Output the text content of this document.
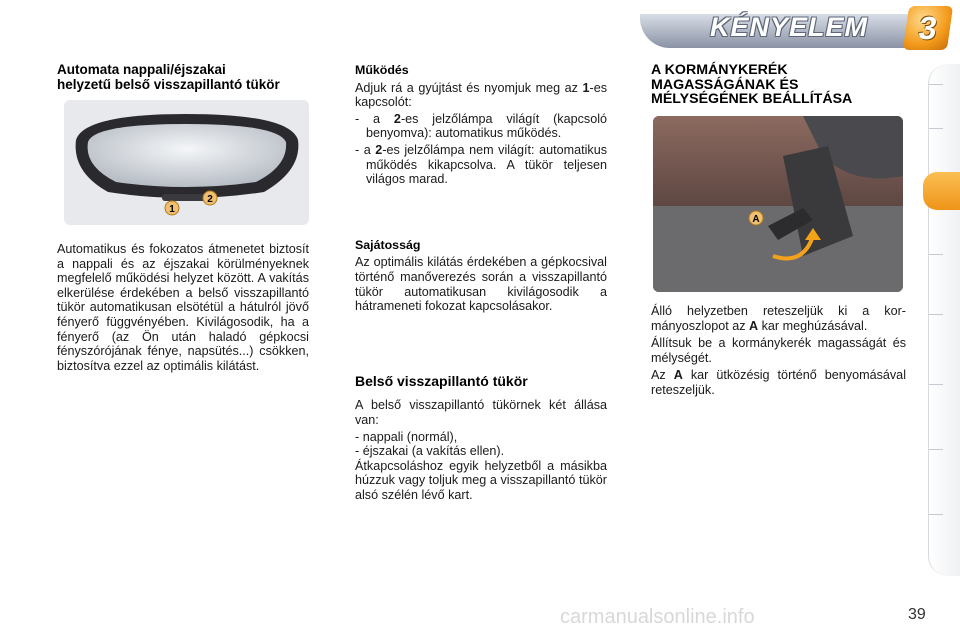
KÉNYELEM	3
Automata nappali/éjszakai
helyzetű belső visszapillantó tükör
1
2

Automatikus és fokozatos átmenetet biztosít a nappali és az éjszakai körülményeknek megfelelő működési helyzet között. A vakítás elkerülése érdekében a belső visszapillantó tükör automatikusan elsötétül a hátulról jövő fényerő függvényében. Kivilágosodik, ha a fényerő (az Ön után haladó gépkocsi fényszórójának fénye, napsütés...) csökken, biztosítva ezzel az optimális kilátást.

Működés

Adjuk rá a gyújtást és nyomjuk meg az 1-es kapcsolót:

- a 2-es jelzőlámpa világít (kapcsoló benyomva): automatikus működés.

- a 2-es jelzőlámpa nem világít: automatikus működés kikapcsolva. A tükör teljesen világos marad.

Sajátosság

Az optimális kilátás érdekében a gépkocsival történő manőverezés során a visszapillantó tükör automatikusan kivilágosodik a hátrameneti fokozat kapcsolásakor.

Belső visszapillantó tükör

A belső visszapillantó tükörnek két állása van:

- nappali (normál),

- éjszakai (a vakítás ellen).

Átkapcsoláshoz egyik helyzetből a másikba húzzuk vagy toljuk meg a visszapillantó tükör alsó szélén lévő kart.

A KORMÁNYKERÉK
MAGASSÁGÁNAK ÉS
MÉLYSÉGÉNEK BEÁLLÍTÁSA
A

Álló helyzetben reteszeljük ki a kormányoszlopot az A kar meghúzásával.

Állítsuk be a kormánykerék magasságát és mélységét.

Az A kar ütközésig történő benyomásával reteszeljük.

39
carmanualsonline.info
